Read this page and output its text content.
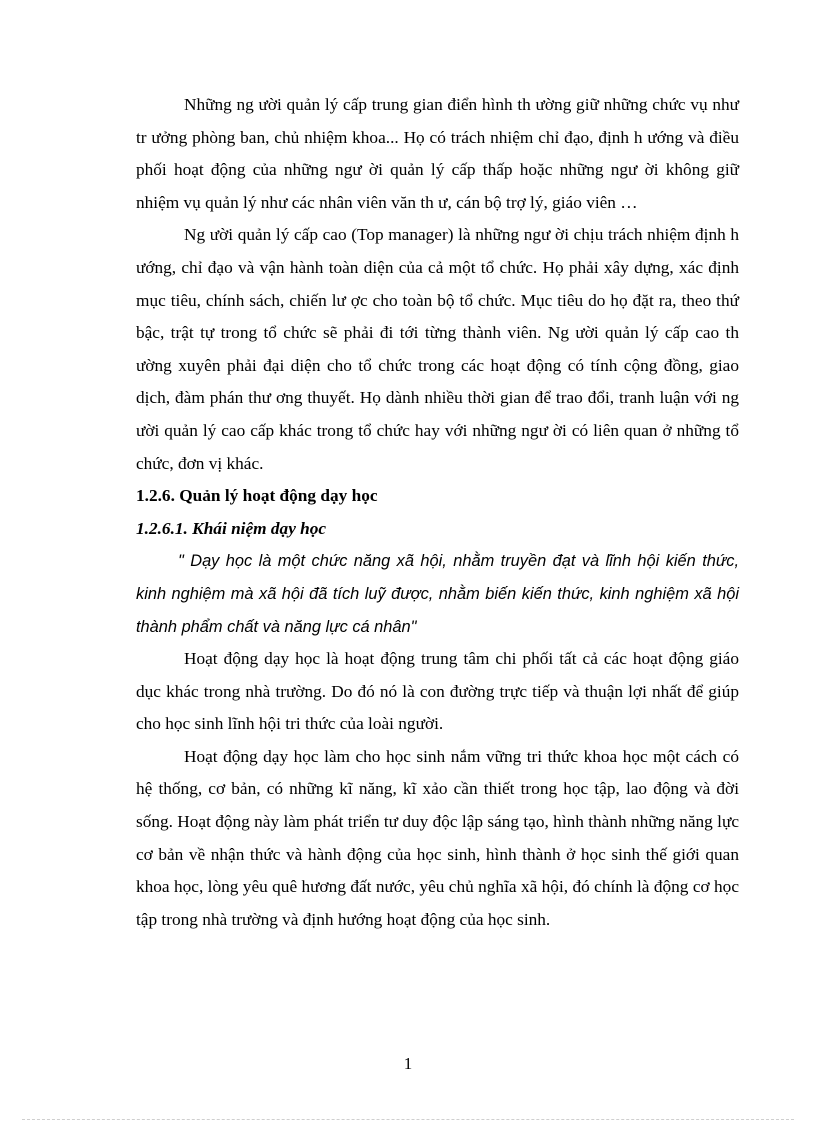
Những ng ười quản lý cấp trung gian điển hình th ường giữ những chức vụ như tr ưởng phòng ban, chủ nhiệm khoa... Họ có trách nhiệm chỉ đạo, định h ướng và điều phối hoạt động của những ngư ời quản lý cấp thấp hoặc những ngư ời không giữ nhiệm vụ quản lý như các nhân viên văn th ư, cán bộ trợ lý, giáo viên …

Ng ười quản lý cấp cao (Top manager) là những ngư ời chịu trách nhiệm định h ướng, chỉ đạo và vận hành toàn diện của cả một tổ chức. Họ phải xây dựng, xác định mục tiêu, chính sách, chiến lư ợc cho toàn bộ tổ chức. Mục tiêu do họ đặt ra, theo thứ bậc, trật tự trong tổ chức sẽ phải đi tới từng thành viên. Ng ười quản lý cấp cao th ường xuyên phải đại diện cho tổ chức trong các hoạt động có tính cộng đồng, giao dịch, đàm phán thư ơng thuyết. Họ dành nhiều thời gian để trao đổi, tranh luận với ng ười quản lý cao cấp khác trong tổ chức hay với những ngư ời có liên quan ở những tổ chức, đơn vị khác.

1.2.6. Quản lý hoạt động dạy học

1.2.6.1. Khái niệm dạy học

" Dạy học là một chức năng xã hội, nhằm truyền đạt và lĩnh hội kiến thức, kinh nghiệm mà xã hội đã tích luỹ được, nhằm biến kiến thức, kinh nghiệm xã hội thành phẩm chất và năng lực cá nhân"

Hoạt động dạy học là hoạt động trung tâm chi phối tất cả các hoạt động giáo dục khác trong nhà trường. Do đó nó là con đường trực tiếp và thuận lợi nhất để giúp cho học sinh lĩnh hội tri thức của loài người.

Hoạt động dạy học làm cho học sinh nắm vững tri thức khoa học một cách có hệ thống, cơ bản, có những kĩ năng, kĩ xảo cần thiết trong học tập, lao động và đời sống. Hoạt động này làm phát triển tư duy độc lập sáng tạo, hình thành những năng lực cơ bản về nhận thức và hành động của học sinh, hình thành ở học sinh thế giới quan khoa học, lòng yêu quê hương đất nước, yêu chủ nghĩa xã hội, đó chính là động cơ học tập trong nhà trường và định hướng hoạt động của học sinh.

1
